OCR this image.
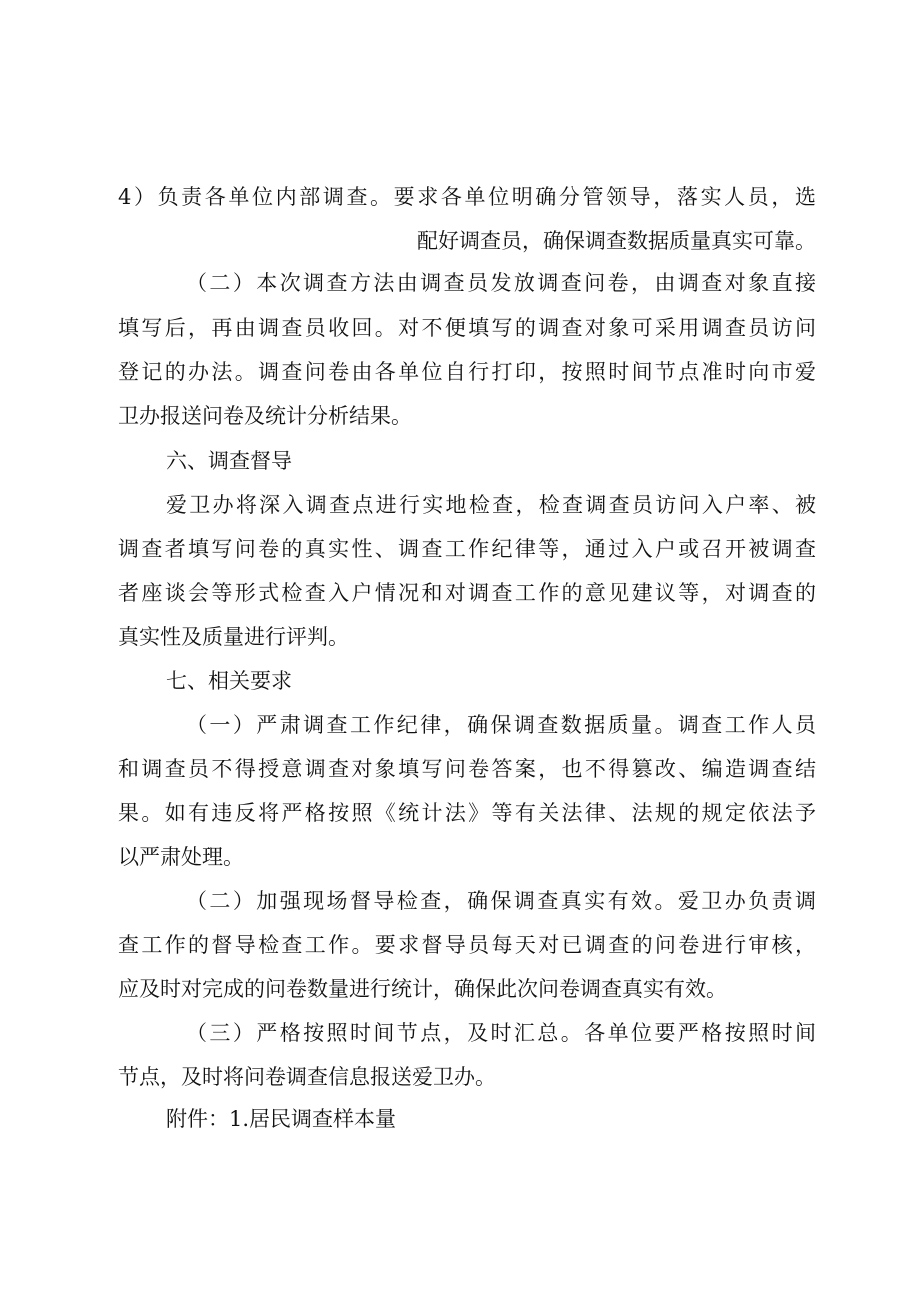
4）负责各单位内部调查。要求各单位明确分管领导，落实人员，选
配好调查员，确保调查数据质量真实可靠。
（二）本次调查方法由调查员发放调查问卷，由调查对象直接
填写后，再由调查员收回。对不便填写的调查对象可采用调查员访问
登记的办法。调查问卷由各单位自行打印，按照时间节点准时向市爱
卫办报送问卷及统计分析结果。
六、调查督导
爱卫办将深入调查点进行实地检查，检查调查员访问入户率、被
调查者填写问卷的真实性、调查工作纪律等，通过入户或召开被调查
者座谈会等形式检查入户情况和对调查工作的意见建议等，对调查的
真实性及质量进行评判。
七、相关要求
（一）严肃调查工作纪律，确保调查数据质量。调查工作人员
和调查员不得授意调查对象填写问卷答案，也不得篡改、编造调查结
果。如有违反将严格按照《统计法》等有关法律、法规的规定依法予
以严肃处理。
（二）加强现场督导检查，确保调查真实有效。爱卫办负责调
查工作的督导检查工作。要求督导员每天对已调查的问卷进行审核，
应及时对完成的问卷数量进行统计，确保此次问卷调查真实有效。
（三）严格按照时间节点，及时汇总。各单位要严格按照时间
节点，及时将问卷调查信息报送爱卫办。
附件：1.居民调查样本量
